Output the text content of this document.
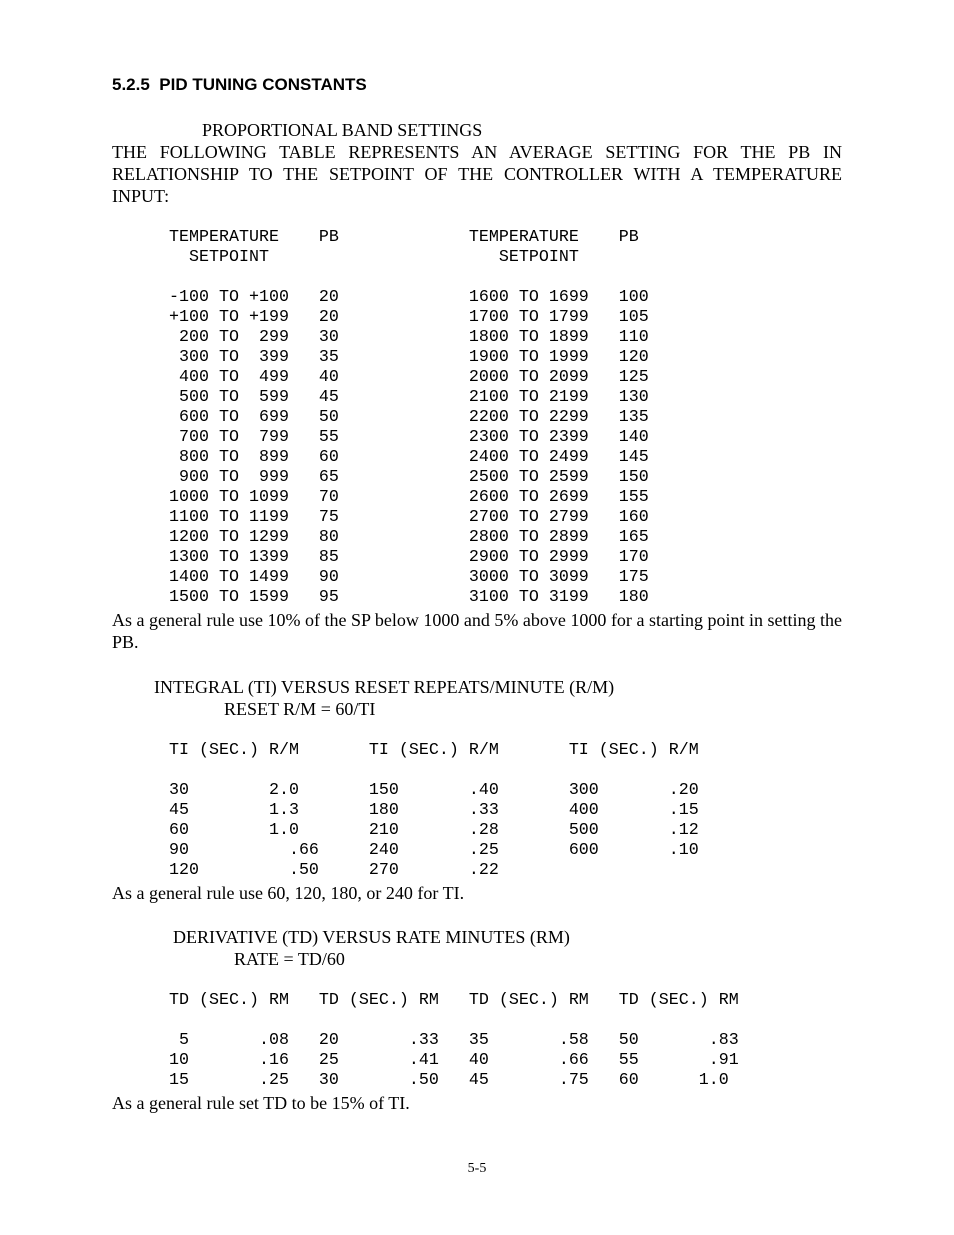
5.2.5  PID TUNING CONSTANTS
PROPORTIONAL BAND SETTINGS
THE FOLLOWING TABLE REPRESENTS AN AVERAGE SETTING FOR THE PB IN RELATIONSHIP TO THE SETPOINT OF THE CONTROLLER WITH A TEMPERATURE INPUT:
TEMPERATURE    PB             TEMPERATURE    PB
SETPOINT                       SETPOINT

-100 TO +100   20             1600 TO 1699   100
+100 TO +199   20             1700 TO 1799   105
200 TO  299   30             1800 TO 1899   110
300 TO  399   35             1900 TO 1999   120
400 TO  499   40             2000 TO 2099   125
500 TO  599   45             2100 TO 2199   130
600 TO  699   50             2200 TO 2299   135
700 TO  799   55             2300 TO 2399   140
800 TO  899   60             2400 TO 2499   145
900 TO  999   65             2500 TO 2599   150
1000 TO 1099   70             2600 TO 2699   155
1100 TO 1199   75             2700 TO 2799   160
1200 TO 1299   80             2800 TO 2899   165
1300 TO 1399   85             2900 TO 2999   170
1400 TO 1499   90             3000 TO 3099   175
1500 TO 1599   95             3100 TO 3199   180
As a general rule use 10% of the SP below 1000 and 5% above 1000 for a starting point in setting the PB.
INTEGRAL (TI) VERSUS RESET REPEATS/MINUTE (R/M)
RESET R/M = 60/TI
TI (SEC.) R/M       TI (SEC.) R/M       TI (SEC.) R/M

30        2.0       150       .40       300       .20
45        1.3       180       .33       400       .15
60        1.0       210       .28       500       .12
90          .66     240       .25       600       .10
120         .50     270       .22
As a general rule use 60, 120, 180, or 240 for TI.
DERIVATIVE (TD) VERSUS RATE MINUTES (RM)
RATE = TD/60
TD (SEC.) RM   TD (SEC.) RM   TD (SEC.) RM   TD (SEC.) RM

5       .08   20       .33   35       .58   50       .83
10       .16   25       .41   40       .66   55       .91
15       .25   30       .50   45       .75   60      1.0
As a general rule set TD to be 15% of TI.
5-5
